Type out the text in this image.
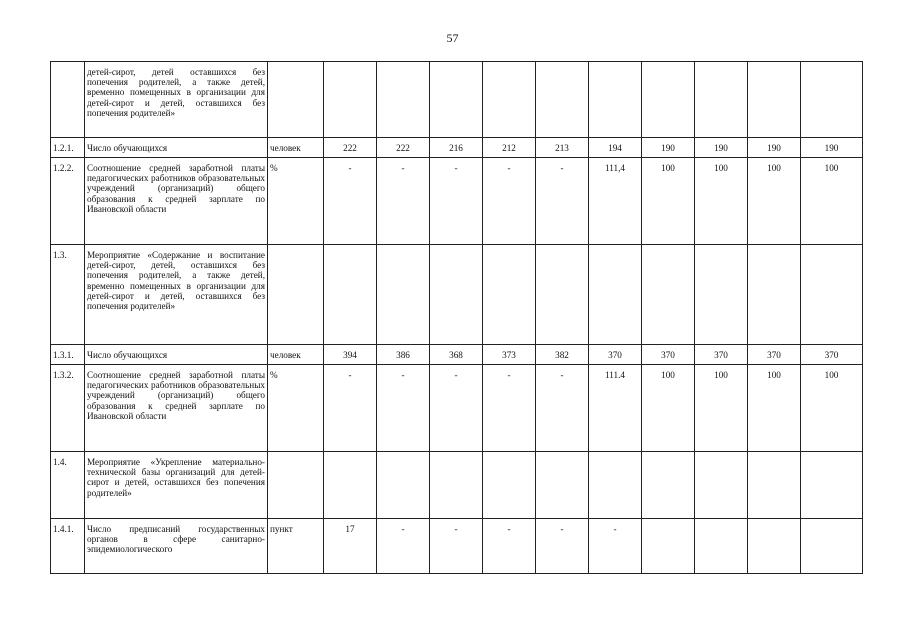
57
	детей-сирот, детей оставшихся без попечения родителей, а также детей, временно помещенных в организации для детей-сирот и детей, оставшихся без попечения родителей»											
1.2.1.	Число обучающихся	человек	222	222	216	212	213	194	190	190	190	190
1.2.2.	Соотношение средней заработной платы педагогических работников образовательных учреждений (организаций) общего образования к средней зарплате по Ивановской области	%	-	-	-	-	-	111,4	100	100	100	100
1.3.	Мероприятие «Содержание и воспитание детей-сирот, детей, оставшихся без попечения родителей, а также детей, временно помещенных в организации для детей-сирот и детей, оставшихся без попечения родителей»											
1.3.1.	Число обучающихся	человек	394	386	368	373	382	370	370	370	370	370
1.3.2.	Соотношение средней заработной платы педагогических работников образовательных учреждений (организаций) общего образования к средней зарплате по Ивановской области	%	-	-	-	-	-	111.4	100	100	100	100
1.4.	Мероприятие «Укрепление материально-технической базы организаций для детей-сирот и детей, оставшихся без попечения родителей»											
1.4.1.	Число предписаний государственных органов в сфере санитарно-эпидемиологического	пункт	17	-	-	-	-	-				
